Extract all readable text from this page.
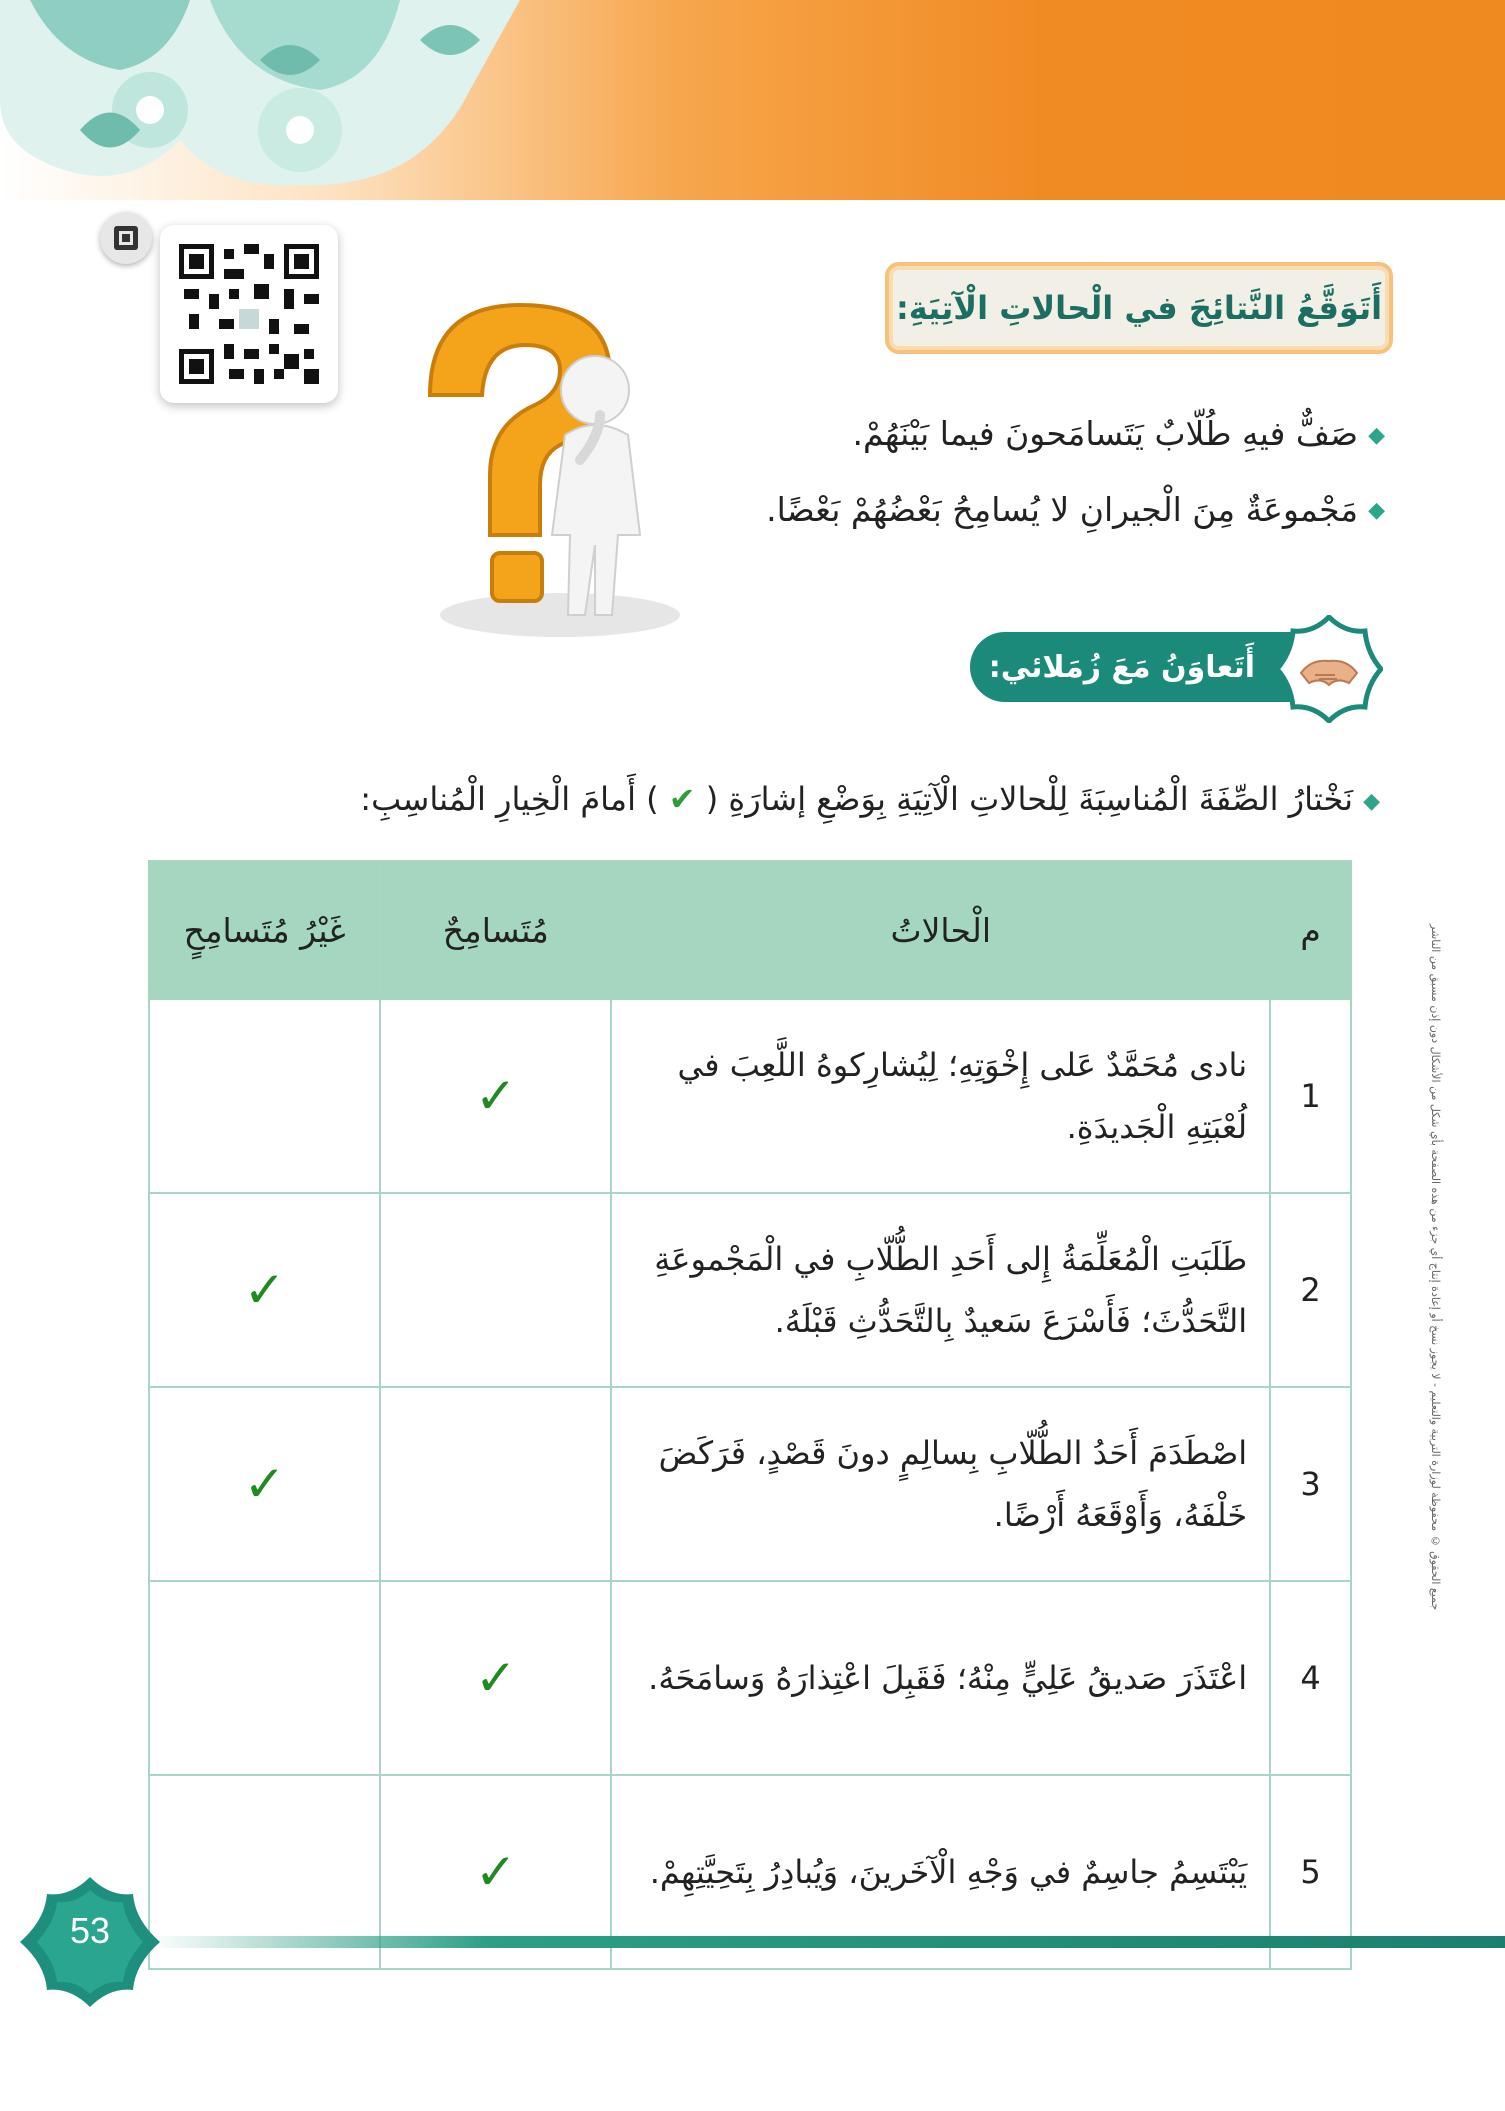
أَتَوَقَّعُ النَّتائِجَ في الْحالاتِ الْآتِيَةِ:
◆صَفٌّ فيهِ طُلّابٌ يَتَسامَحونَ فيما بَيْنَهُمْ.
◆مَجْموعَةٌ مِنَ الْجيرانِ لا يُسامِحُ بَعْضُهُمْ بَعْضًا.
أَتَعاوَنُ مَعَ زُمَلائي:
◆نَخْتارُ الصِّفَةَ الْمُناسِبَةَ لِلْحالاتِ الْآتِيَةِ بِوَضْعِ إشارَةِ ( ✔ ) أَمامَ الْخِيارِ الْمُناسِبِ:
م	الْحالاتُ	مُتَسامِحٌ	غَيْرُ مُتَسامِحٍ
1	نادى مُحَمَّدٌ عَلى إِخْوَتِهِ؛ لِيُشارِكوهُ اللَّعِبَ في لُعْبَتِهِ الْجَديدَةِ.	✓	
2	طَلَبَتِ الْمُعَلِّمَةُ إِلى أَحَدِ الطُّلّابِ في الْمَجْموعَةِ التَّحَدُّثَ؛ فَأَسْرَعَ سَعيدٌ بِالتَّحَدُّثِ قَبْلَهُ.		✓
3	اصْطَدَمَ أَحَدُ الطُّلّابِ بِسالِمٍ دونَ قَصْدٍ، فَرَكَضَ خَلْفَهُ، وَأَوْقَعَهُ أَرْضًا.		✓
4	اعْتَذَرَ صَديقُ عَلِيٍّ مِنْهُ؛ فَقَبِلَ اعْتِذارَهُ وَسامَحَهُ.	✓	
5	يَبْتَسِمُ جاسِمٌ في وَجْهِ الْآخَرينَ، وَيُبادِرُ بِتَحِيَّتِهِمْ.	✓	
جميع الحقوق © محفوظة لوزارة التربية والتعليم - لا يجوز نسخ أو إعادة إنتاج أي جزء من هذه الصفحة بأي شكل من الأشكال دون إذن مسبق من الناشر
53
